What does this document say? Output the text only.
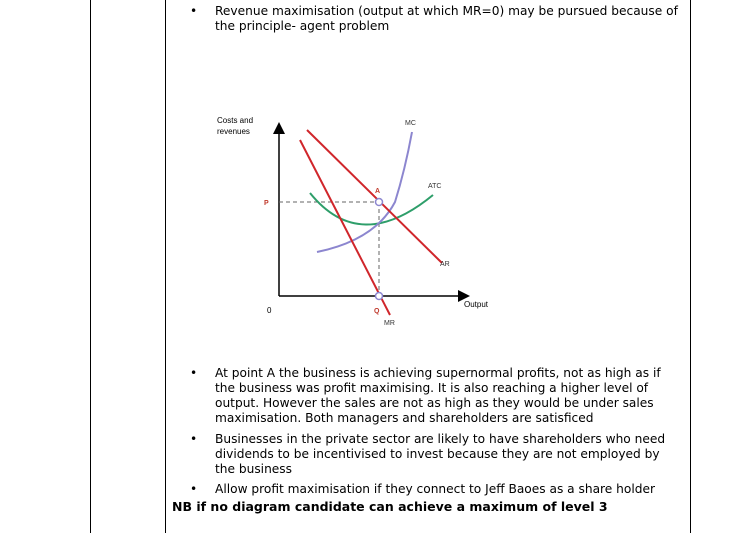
•	Revenue maximisation (output at which MR=0) may be pursued because of the principle- agent problem
Costs and
revenues
0
Output
MC
ATC
AR
MR
P
A
Q
•	At point A the business is achieving supernormal profits, not as high as if the business was profit maximising. It is also reaching a higher level of output. However the sales are not as high as they would be under sales maximisation. Both managers and shareholders are satisficed
•	Businesses in the private sector are likely to have shareholders who need dividends to be incentivised to invest because they are not employed by the business
•	Allow profit maximisation if they connect to Jeff Baoes as a share holder
NB if no diagram candidate can achieve a maximum of level 3
